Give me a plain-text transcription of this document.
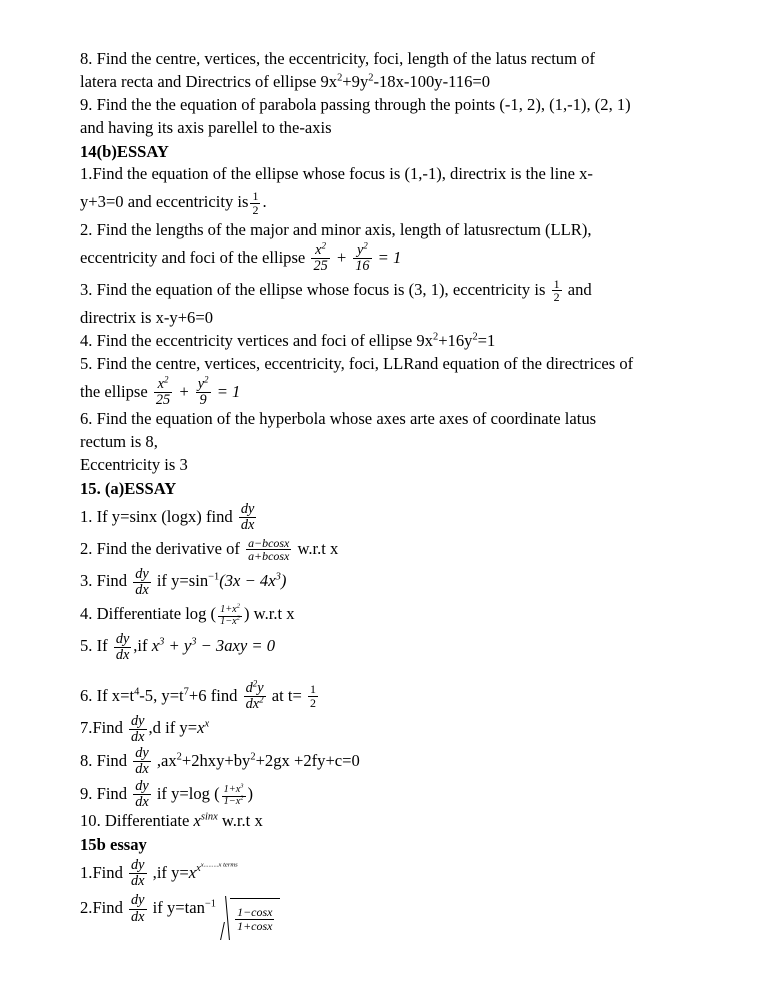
8. Find the centre, vertices, the eccentricity, foci, length of the latus rectum of

latera recta and Directrics of ellipse $9x^2+9y^2-18x-100y-116=0$

9. Find the the equation of parabola passing through the points (-1, 2), (1,-1), (2, 1)

and having its axis parellel to the-axis

14(b)ESSAY

1.Find the equation of the ellipse whose focus is (1,-1), directrix is the line x-

y+3=0 and eccentricity is $\frac{1}{2}$ .

2. Find the lengths of the major and minor axis, length of latusrectum (LLR),

eccentricity and foci of the ellipse $\frac{x^2}{25} + \frac{y^2}{16} = 1$

3. Find the equation of the ellipse whose focus is (3, 1), eccentricity is $\frac{1}{2}$ and

directrix is x-y+6=0

4. Find the eccentricity vertices and foci of ellipse $9x^2+16y^2=1$

5. Find the centre, vertices, eccentricity, foci, LLRand equation of the directrices of

the ellipse $\frac{x^2}{25} + \frac{y^2}{9} = 1$

6. Find the equation of the hyperbola whose axes arte axes of coordinate latus

rectum is 8,

Eccentricity is 3

15. (a)ESSAY

1. If y=sinx (logx) find $\frac{dy}{dx}$

2. Find the derivative of $\frac{a-bcosx}{a+bcosx} w.r.t$ x

3. Find $\frac{dy}{dx}$ if $y=\sin^{-1}(3x - 4x^3)$

4. Differentiate log ( $\frac{1+x^2}{1-x^2}$ ) w.r.t x

5. If $\frac{dy}{dx} ,if$ $x^3 + y^3 - 3axy = 0$

6. If $x=t^4-5$, $y=t^7+6$ find $\frac{d^2y}{dx^2}$ at $t= \frac{1}{2}$

7.Find $\frac{dy}{dx} ,d$ if $y=x^x$

8. Find $\frac{dy}{dx} ,ax^2+2hxy+by^2+2gx +2fy+c=0$

9. Find $\frac{dy}{dx}$ if y=log ( $\frac{1+x^3}{1-x^2}$ )

10. Differentiate $x^{sinx}$ w.r.t x

15b essay

1.Find $\frac{dy}{dx} ,if$ $y=x^{x^{x.........x terms}}$

2.Find $\frac{dy}{dx}$ if $y=\tan^{-1}$
$\frac{1-\cos x}{1+\cos x}$
